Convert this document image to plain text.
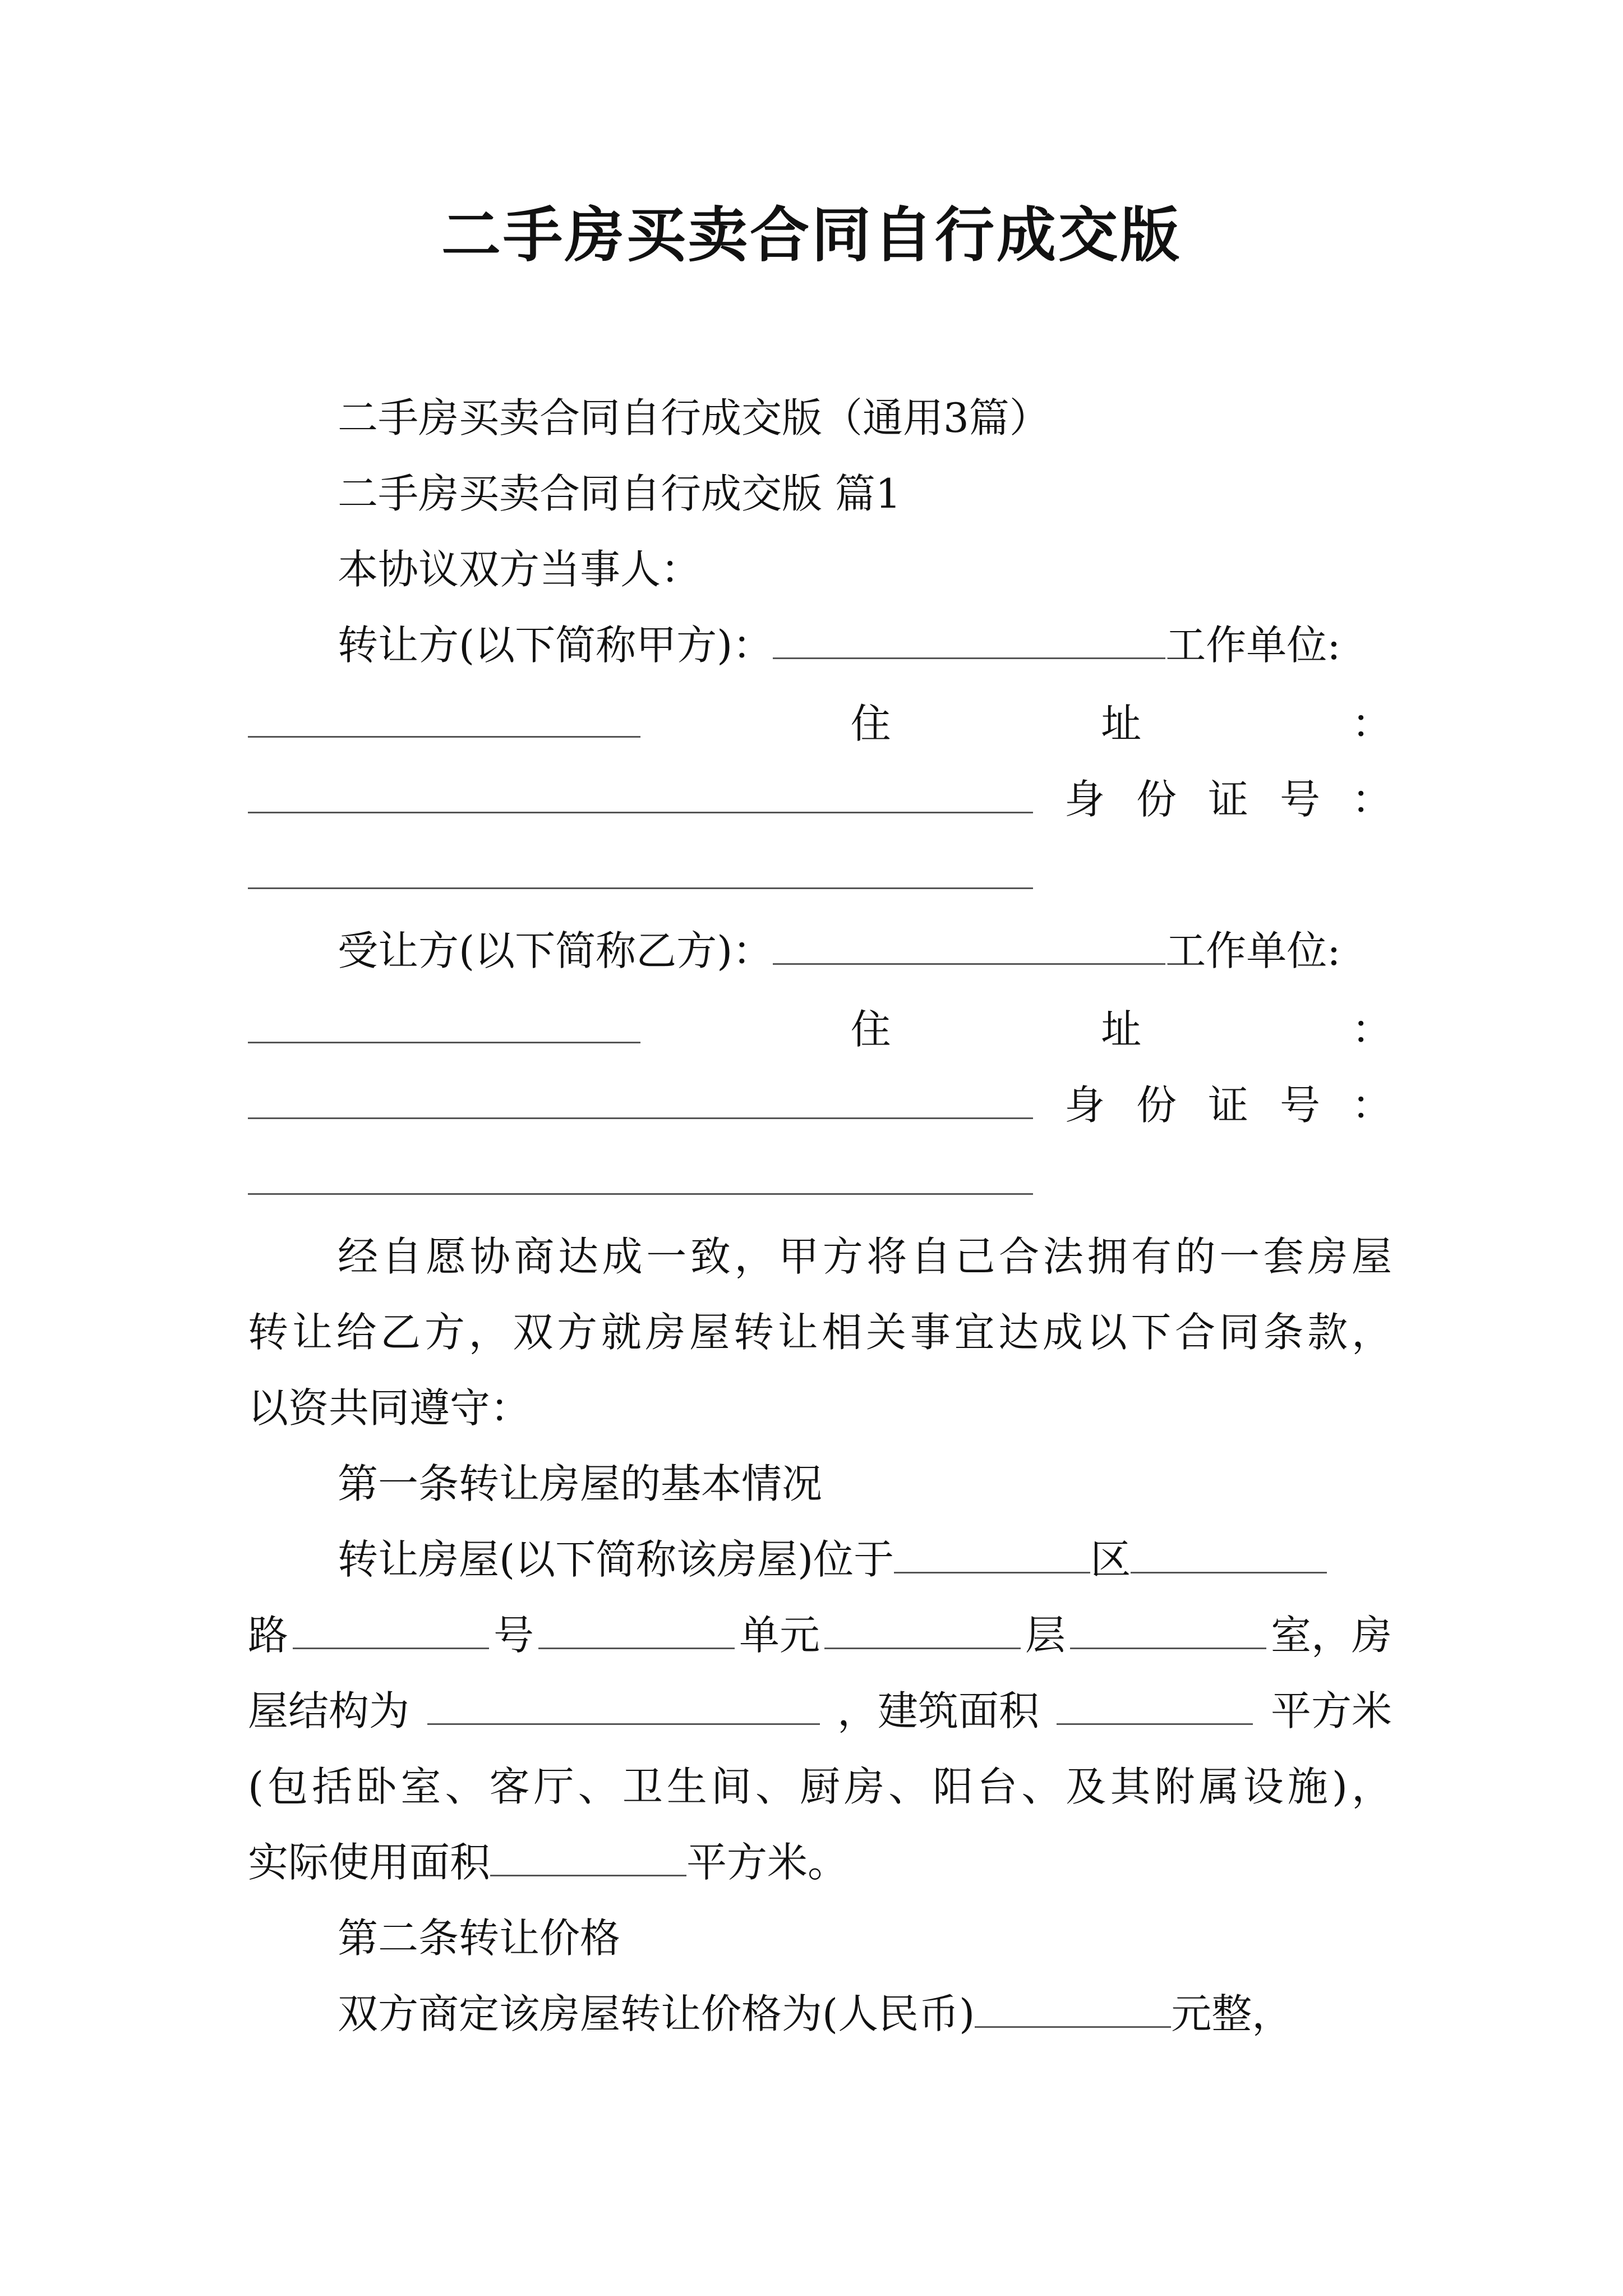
二手房买卖合同自行成交版
二手房买卖合同自行成交版（通用3篇）
二手房买卖合同自行成交版 篇1
本协议双方当事人：
转让方(以下简称甲方)：	工作单位:
住	址	：
身 份 证 号 ：
受让方(以下简称乙方)：	工作单位:
住	址	：
身 份 证 号 ：
经自愿协商达成一致，甲方将自己合法拥有的一套房屋
转让给乙方，双方就房屋转让相关事宜达成以下合同条款，
以资共同遵守：
第一条转让房屋的基本情况
转让房屋(以下简称该房屋)位于	区
路	号	单元	层	室，房
屋结构为	，建筑面积	平方米
(包括卧室、客厅、卫生间、厨房、阳台、及其附属设施)，
实际使用面积	平方米。
第二条转让价格
双方商定该房屋转让价格为(人民币)	元整，
